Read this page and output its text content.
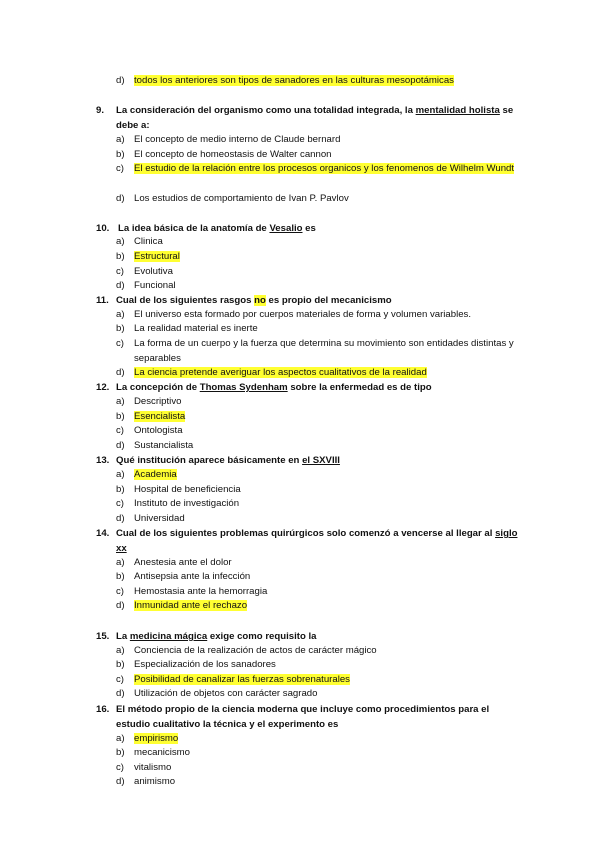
d) todos los anteriores son tipos de sanadores en las culturas mesopotámicas
9.	La consideración del organismo como una totalidad integrada, la mentalidad holista se debe a:
a) El concepto de medio interno de Claude bernard
b) El concepto de homeostasis de Walter cannon
c)	El estudio de la relación entre los procesos organicos y los fenomenos de Wilhelm Wundt
d) Los estudios de comportamiento de Ivan P. Pavlov
10. La idea básica de la anatomía de Vesalio es
a) Clinica
b) Estructural
c)	Evolutiva
d) Funcional
11. Cual de los siguientes rasgos no es propio del mecanicismo
a) El universo esta formado por cuerpos materiales de forma y volumen variables.
b) La realidad material es inerte
c)	La forma de un cuerpo y la fuerza que determina su movimiento son entidades distintas y separables
d) La ciencia pretende averiguar los aspectos cualitativos de la realidad
12. La concepción de Thomas Sydenham sobre la enfermedad es de tipo
a) Descriptivo
b) Esencialista
c)	Ontologista
d) Sustancialista
13. Qué institución aparece básicamente en el SXVIII
a) Academia
b) Hospital de beneficiencia
c)	Instituto de investigación
d) Universidad
14. Cual de los siguientes problemas quirúrgicos solo comenzó a vencerse al llegar al siglo xx
a) Anestesia ante el dolor
b) Antisepsia ante la infección
c)	Hemostasia ante la hemorragia
d) Inmunidad ante el rechazo
15. La medicina mágica exige como requisito la
a) Conciencia de la realización de actos de carácter mágico
b) Especialización de los sanadores
c)	Posibilidad de canalizar las fuerzas sobrenaturales
d) Utilización de objetos con carácter sagrado
16. El método propio de la ciencia moderna que incluye como procedimientos para el estudio cualitativo la técnica y el experimento es
a) empirismo
b) mecanicismo
c)	vitalismo
d) animismo
